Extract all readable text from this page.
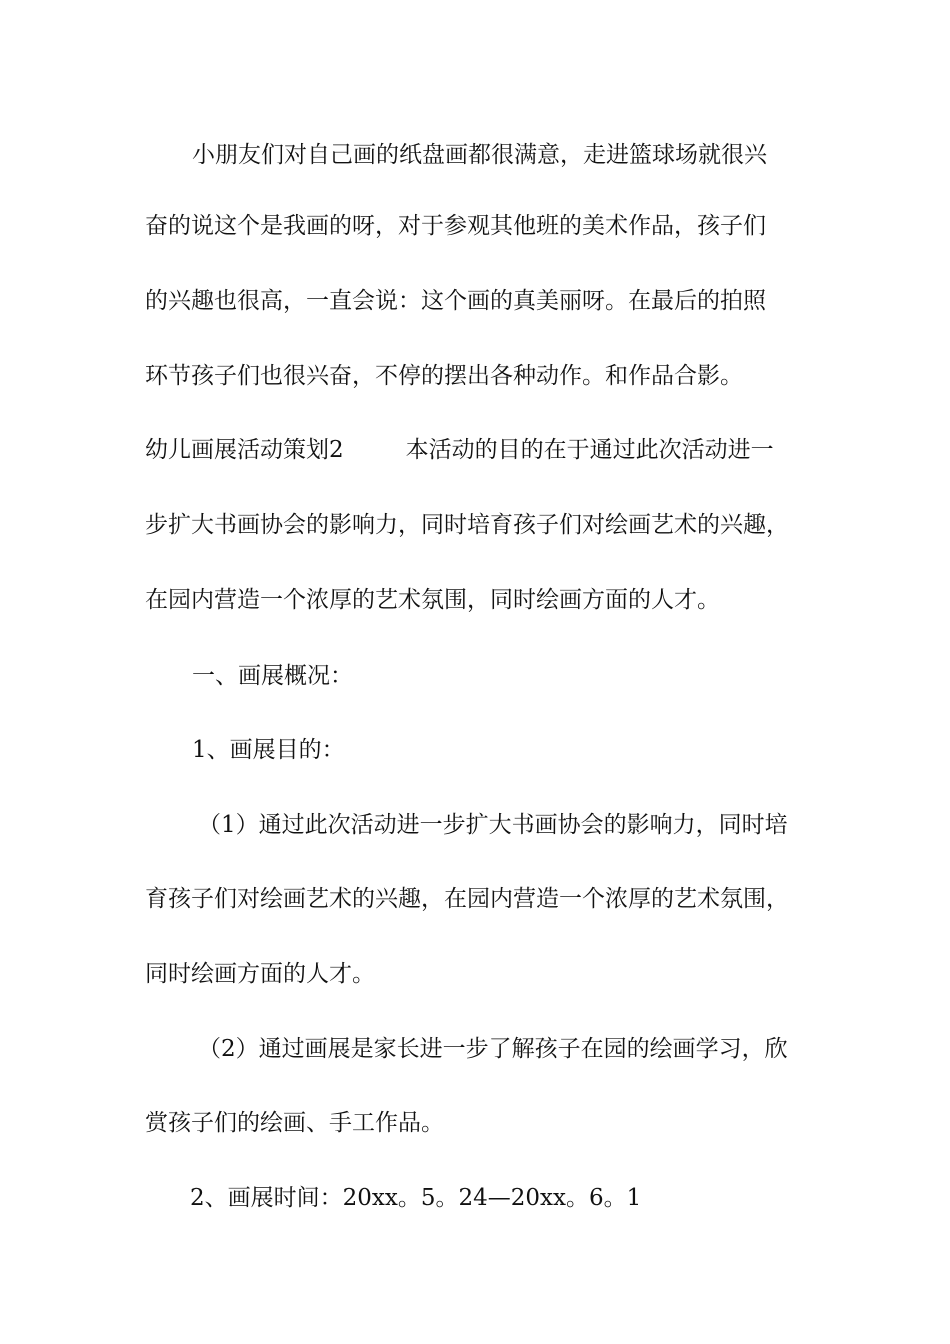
小朋友们对自己画的纸盘画都很满意，走进篮球场就很兴
奋的说这个是我画的呀，对于参观其他班的美术作品，孩子们
的兴趣也很高，一直会说：这个画的真美丽呀。在最后的拍照
环节孩子们也很兴奋，不停的摆出各种动作。和作品合影。
幼儿画展活动策划2	本活动的目的在于通过此次活动进一
步扩大书画协会的影响力，同时培育孩子们对绘画艺术的兴趣，
在园内营造一个浓厚的艺术氛围，同时绘画方面的人才。
一、画展概况：
1、画展目的：
（1）通过此次活动进一步扩大书画协会的影响力，同时培
育孩子们对绘画艺术的兴趣，在园内营造一个浓厚的艺术氛围，
同时绘画方面的人才。
（2）通过画展是家长进一步了解孩子在园的绘画学习，欣
赏孩子们的绘画、手工作品。
2、画展时间：20xx。5。24—20xx。6。1
